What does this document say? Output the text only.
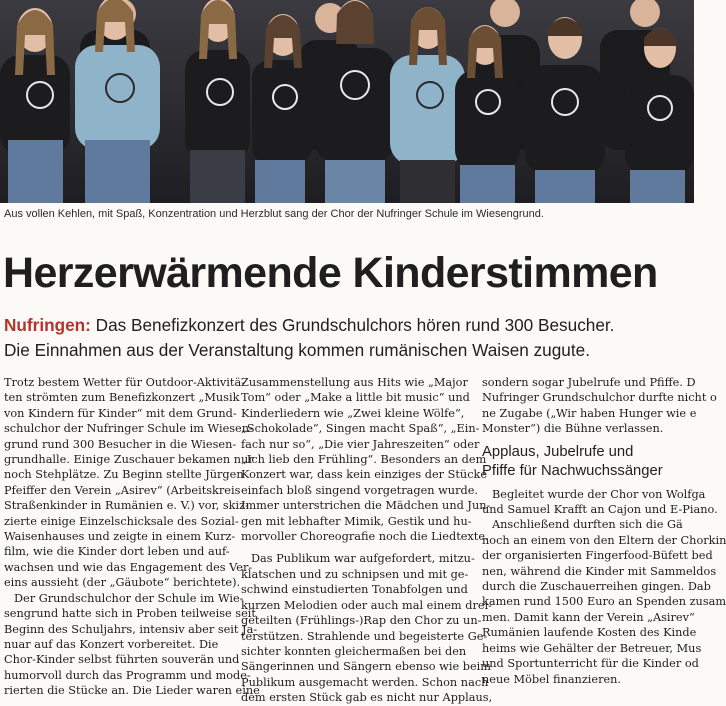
Aus vollen Kehlen, mit Spaß, Konzentration und Herzblut sang der Chor der Nufringer Schule im Wiesengrund.
Herzerwärmende Kinderstimmen
Nufringen: Das Benefizkonzert des Grundschulchors hören rund 300 Besucher.
Die Einnahmen aus der Veranstaltung kommen rumänischen Waisen zugute.
Trotz bestem Wetter für Outdoor-Aktivitä-
ten strömten zum Benefizkonzert „Musik
von Kindern für Kinder“ mit dem Grund-
schulchor der Nufringer Schule im Wiesen-
grund rund 300 Besucher in die Wiesen-
grundhalle. Einige Zuschauer bekamen nur
noch Stehplätze. Zu Beginn stellte Jürgen
Pfeiffer den Verein „Asirev“ (Arbeitskreis
Straßenkinder in Rumänien e. V.) vor, skiz-
zierte einige Einzelschicksale des Sozial-
Waisenhauses und zeigte in einem Kurz-
film, wie die Kinder dort leben und auf-
wachsen und wie das Engagement des Ver-
eins aussieht (der „Gäubote“ berichtete).
Der Grundschulchor der Schule im Wie-
sengrund hatte sich in Proben teilweise seit
Beginn des Schuljahrs, intensiv aber seit Ja-
nuar auf das Konzert vorbereitet. Die
Chor-Kinder selbst führten souverän und
humorvoll durch das Programm und mode-
rierten die Stücke an. Die Lieder waren eine
Zusammenstellung aus Hits wie „Major
Tom“ oder „Make a little bit music“ und
Kinderliedern wie „Zwei kleine Wölfe“,
„Schokolade“, Singen macht Spaß“, „Ein-
fach nur so“, „Die vier Jahreszeiten“ oder
„Ich lieb den Frühling“. Besonders an dem
Konzert war, dass kein einziges der Stücke
einfach bloß singend vorgetragen wurde.
Immer unterstrichen die Mädchen und Jun-
gen mit lebhafter Mimik, Gestik und hu-
morvoller Choreografie noch die Liedtexte.
Das Publikum war aufgefordert, mitzu-
klatschen und zu schnipsen und mit ge-
schwind einstudierten Tonabfolgen und
kurzen Melodien oder auch mal einem drei-
geteilten (Frühlings-)Rap den Chor zu un-
terstützen. Strahlende und begeisterte Ge-
sichter konnten gleichermaßen bei den
Sängerinnen und Sängern ebenso wie beim
Publikum ausgemacht werden. Schon nach
dem ersten Stück gab es nicht nur Applaus,
sondern sogar Jubelrufe und Pfiffe. D
Nufringer Grundschulchor durfte nicht o
ne Zugabe („Wir haben Hunger wie e
Monster“) die Bühne verlassen.
Applaus, Jubelrufe und
Pfiffe für Nachwuchssänger
Begleitet wurde der Chor von Wolfga
und Samuel Krafft an Cajon und E-Piano.
Anschließend durften sich die Gä
noch an einem von den Eltern der Chorkin
der organisierten Fingerfood-Büfett bed
nen, während die Kinder mit Sammeldos
durch die Zuschauerreihen gingen. Dab
kamen rund 1500 Euro an Spenden zusam
men. Damit kann der Verein „Asirev“
Rumänien laufende Kosten des Kinde
heims wie Gehälter der Betreuer, Mus
und Sportunterricht für die Kinder od
neue Möbel finanzieren.
